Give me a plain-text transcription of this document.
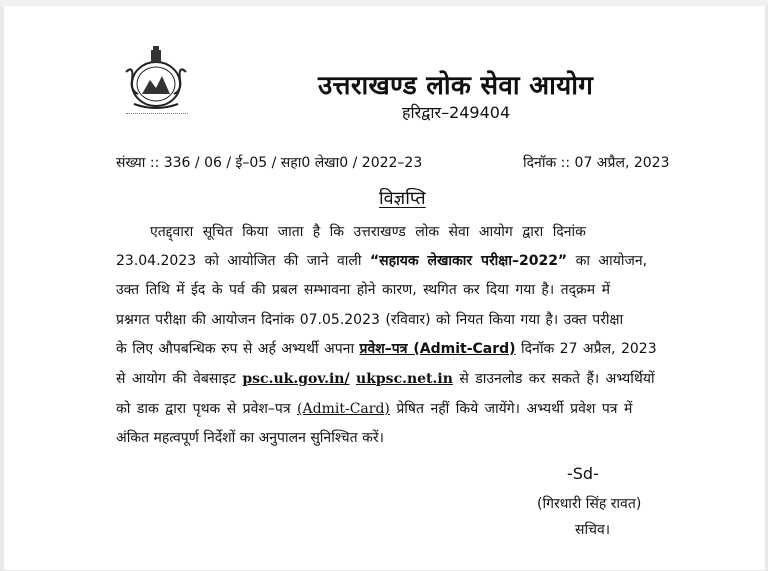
उत्तराखण्ड लोक सेवा आयोग
हरिद्वार–249404
संख्या :: 336 / 06 / ई–05 / सहा0 लेखा0 / 2022–23	दिनॉक :: 07 अप्रैल, 2023
विज्ञप्ति
एतद्द्वारा सूचित किया जाता है कि उत्तराखण्ड लोक सेवा आयोग द्वारा दिनांक
23.04.2023 को आयोजित की जाने वाली “सहायक लेखाकार परीक्षा–2022” का आयोजन,
उक्त तिथि में ईद के पर्व की प्रबल सम्भावना होने कारण, स्थगित कर दिया गया है। तद्क्रम में
प्रश्नगत परीक्षा की आयोजन दिनांक 07.05.2023 (रविवार) को नियत किया गया है। उक्त परीक्षा
के लिए औपबन्धिक रुप से अर्ह अभ्यर्थी अपना प्रवेश–पत्र (Admit-Card) दिनॉक 27 अप्रैल, 2023
से आयोग की वेबसाइट psc.uk.gov.in/ ukpsc.net.in से डाउनलोड कर सकते हैं। अभ्यर्थियों
को डाक द्वारा पृथक से प्रवेश–पत्र (Admit-Card) प्रेषित नहीं किये जायेंगे। अभ्यर्थी प्रवेश पत्र में
अंकित महत्वपूर्ण निर्देशों का अनुपालन सुनिश्चित करें।
-Sd-
(गिरधारी सिंह रावत)
सचिव।
